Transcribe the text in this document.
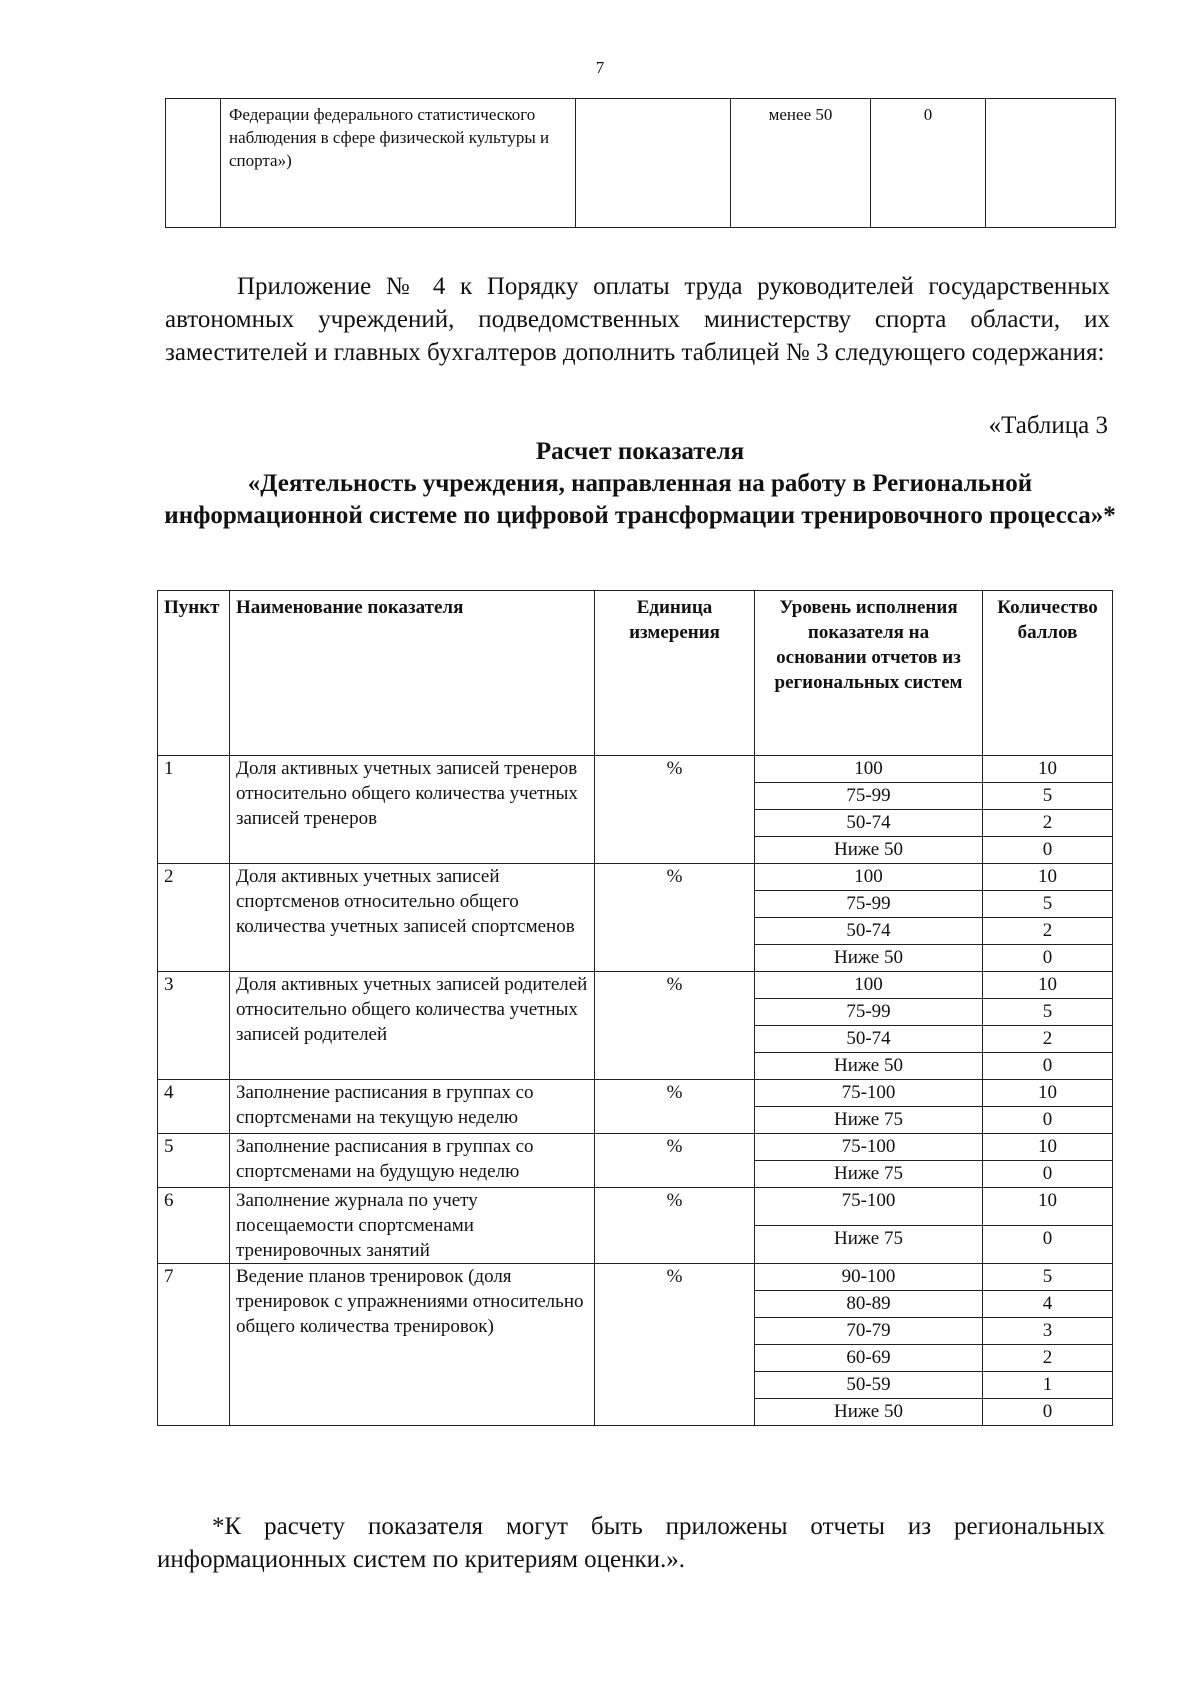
7
	Федерации федерального статистического наблюдения в сфере физической культуры и спорта»)		менее 50	0	
Приложение № 4 к Порядку оплаты труда руководителей государственных автономных учреждений, подведомственных министерству спорта области, их заместителей и главных бухгалтеров дополнить таблицей № 3 следующего содержания:
«Таблица 3
Расчет показателя
«Деятельность учреждения, направленная на работу в Региональной информационной системе по цифровой трансформации тренировочного процесса»*
Пункт	Наименование показателя	Единица измерения	Уровень исполнения показателя на основании отчетов из региональных систем	Количество баллов
1	Доля активных учетных записей тренеров относительно общего количества учетных записей тренеров	%	100	10
			75-99	5
			50-74	2
			Ниже 50	0
2	Доля активных учетных записей спортсменов относительно общего количества учетных записей спортсменов	%	100	10
			75-99	5
			50-74	2
			Ниже 50	0
3	Доля активных учетных записей родителей относительно общего количества учетных записей родителей	%	100	10
			75-99	5
			50-74	2
			Ниже 50	0
4	Заполнение расписания в группах со спортсменами на текущую неделю	%	75-100	10
			Ниже 75	0
5	Заполнение расписания в группах со спортсменами на будущую неделю	%	75-100	10
			Ниже 75	0
6	Заполнение журнала по учету посещаемости спортсменами тренировочных занятий	%	75-100	10
			Ниже 75	0
7	Ведение планов тренировок (доля тренировок с упражнениями относительно общего количества тренировок)	%	90-100	5
			80-89	4
			70-79	3
			60-69	2
			50-59	1
			Ниже 50	0
*К расчету показателя могут быть приложены отчеты из региональных информационных систем по критериям оценки.».
